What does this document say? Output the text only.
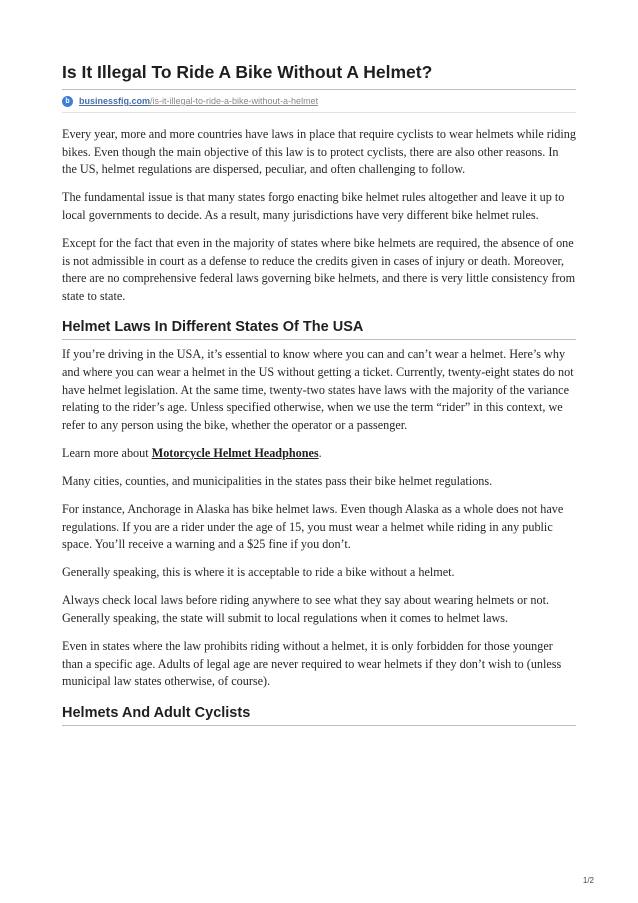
Is It Illegal To Ride A Bike Without A Helmet?
b	businessfig.com /is-it-illegal-to-ride-a-bike-without-a-helmet

Every year, more and more countries have laws in place that require cyclists to wear helmets while riding bikes. Even though the main objective of this law is to protect cyclists, there are also other reasons. In the US, helmet regulations are dispersed, peculiar, and often challenging to follow.

The fundamental issue is that many states forgo enacting bike helmet rules altogether and leave it up to local governments to decide. As a result, many jurisdictions have very different bike helmet rules.

Except for the fact that even in the majority of states where bike helmets are required, the absence of one is not admissible in court as a defense to reduce the credits given in cases of injury or death. Moreover, there are no comprehensive federal laws governing bike helmets, and there is very little consistency from state to state.

Helmet Laws In Different States Of The USA

If you’re driving in the USA, it’s essential to know where you can and can’t wear a helmet. Here’s why and where you can wear a helmet in the US without getting a ticket. Currently, twenty-eight states do not have helmet legislation. At the same time, twenty-two states have laws with the majority of the variance relating to the rider’s age. Unless specified otherwise, when we use the term “rider” in this context, we refer to any person using the bike, whether the operator or a passenger.

Learn more about Motorcycle Helmet Headphones.

Many cities, counties, and municipalities in the states pass their bike helmet regulations.

For instance, Anchorage in Alaska has bike helmet laws. Even though Alaska as a whole does not have regulations. If you are a rider under the age of 15, you must wear a helmet while riding in any public space. You’ll receive a warning and a $25 fine if you don’t.

Generally speaking, this is where it is acceptable to ride a bike without a helmet.

Always check local laws before riding anywhere to see what they say about wearing helmets or not. Generally speaking, the state will submit to local regulations when it comes to helmet laws.

Even in states where the law prohibits riding without a helmet, it is only forbidden for those younger than a specific age. Adults of legal age are never required to wear helmets if they don’t wish to (unless municipal law states otherwise, of course).

Helmets And Adult Cyclists
1/2
